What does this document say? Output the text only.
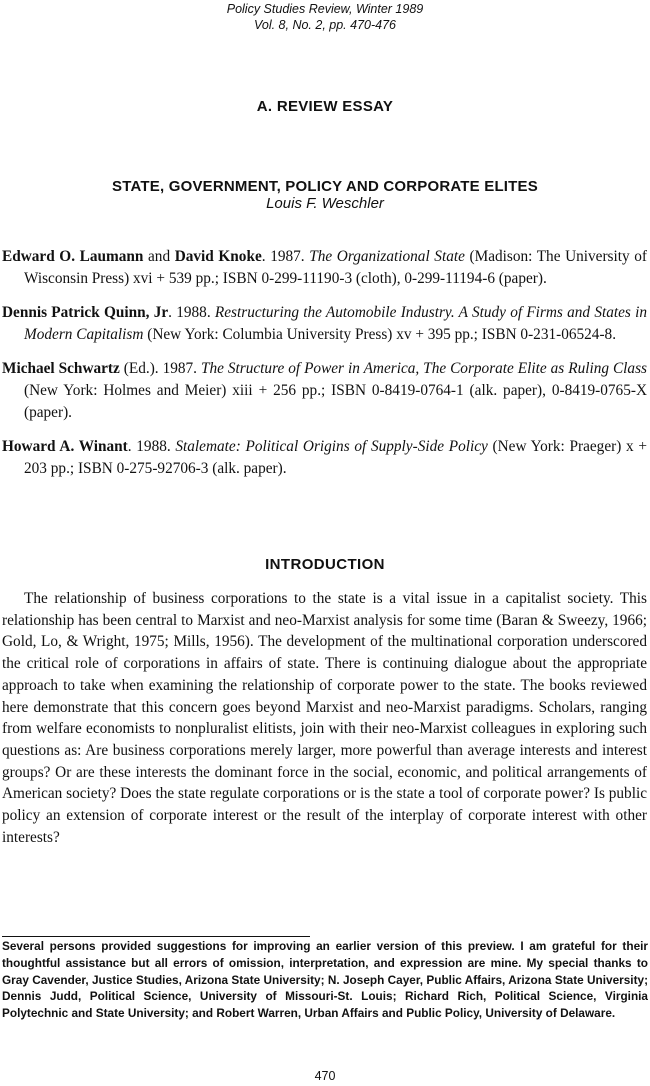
Policy Studies Review, Winter 1989
Vol. 8, No. 2, pp. 470-476
A. REVIEW ESSAY
STATE, GOVERNMENT, POLICY AND CORPORATE ELITES
Louis F. Weschler

Edward O. Laumann and David Knoke. 1987. The Organizational State (Madison: The University of Wisconsin Press) xvi + 539 pp.; ISBN 0-299-11190-3 (cloth), 0-299-11194-6 (paper).

Dennis Patrick Quinn, Jr. 1988. Restructuring the Automobile Industry. A Study of Firms and States in Modern Capitalism (New York: Columbia University Press) xv + 395 pp.; ISBN 0-231-06524-8.

Michael Schwartz (Ed.). 1987. The Structure of Power in America, The Corporate Elite as Ruling Class (New York: Holmes and Meier) xiii + 256 pp.; ISBN 0-8419-0764-1 (alk. paper), 0-8419-0765-X (paper).

Howard A. Winant. 1988. Stalemate: Political Origins of Supply-Side Policy (New York: Praeger) x + 203 pp.; ISBN 0-275-92706-3 (alk. paper).

INTRODUCTION

The relationship of business corporations to the state is a vital issue in a capitalist society. This relationship has been central to Marxist and neo-Marxist analysis for some time (Baran & Sweezy, 1966; Gold, Lo, & Wright, 1975; Mills, 1956). The development of the multinational corporation underscored the critical role of corporations in affairs of state. There is continuing dialogue about the appropriate approach to take when examining the relationship of corporate power to the state. The books reviewed here demonstrate that this concern goes beyond Marxist and neo-Marxist paradigms. Scholars, ranging from welfare economists to nonpluralist elitists, join with their neo-Marxist colleagues in exploring such questions as: Are business corporations merely larger, more powerful than average interests and interest groups? Or are these interests the dominant force in the social, economic, and political arrangements of American society? Does the state regulate corporations or is the state a tool of corporate power? Is public policy an extension of corporate interest or the result of the interplay of corporate interest with other interests?

Several persons provided suggestions for improving an earlier version of this preview. I am grateful for their thoughtful assistance but all errors of omission, interpretation, and expression are mine. My special thanks to Gray Cavender, Justice Studies, Arizona State University; N. Joseph Cayer, Public Affairs, Arizona State University; Dennis Judd, Political Science, University of Missouri-St. Louis; Richard Rich, Political Science, Virginia Polytechnic and State University; and Robert Warren, Urban Affairs and Public Policy, University of Delaware.

470
